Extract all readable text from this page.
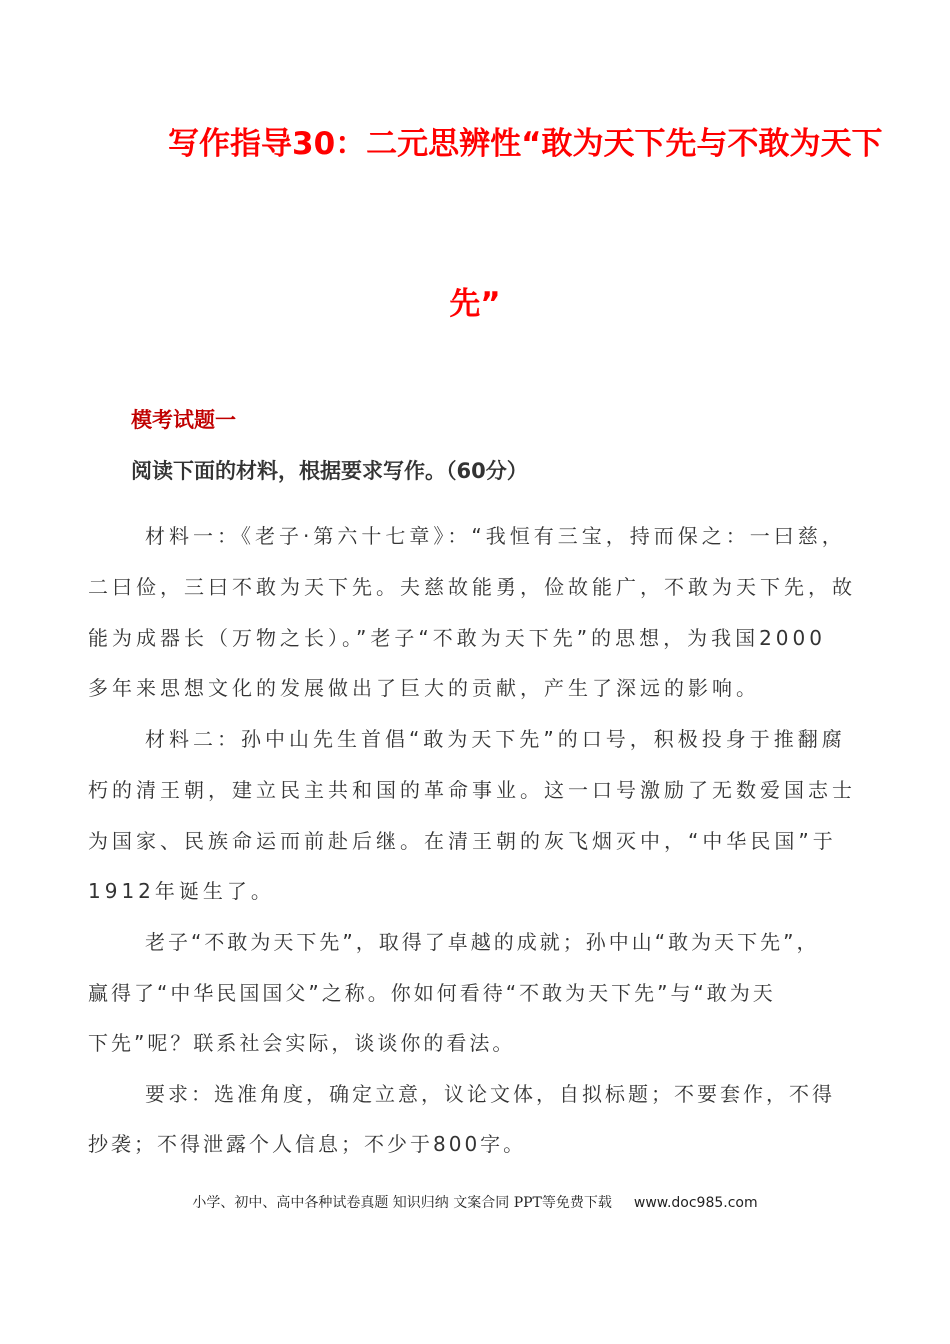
写作指导30：二元思辨性“敢为天下先与不敢为天下
先”
模考试题一
阅读下面的材料，根据要求写作。（60分）
材料一：《老子·第六十七章》：“我恒有三宝，持而保之：一曰慈，
二曰俭，三曰不敢为天下先。夫慈故能勇，俭故能广，不敢为天下先，故
能为成器长（万物之长）。”老子“不敢为天下先”的思想，为我国2000
多年来思想文化的发展做出了巨大的贡献，产生了深远的影响。
材料二：孙中山先生首倡“敢为天下先”的口号，积极投身于推翻腐
朽的清王朝，建立民主共和国的革命事业。这一口号激励了无数爱国志士
为国家、民族命运而前赴后继。在清王朝的灰飞烟灭中，“中华民国”于
1912年诞生了。
老子“不敢为天下先”，取得了卓越的成就；孙中山“敢为天下先”，
赢得了“中华民国国父”之称。你如何看待“不敢为天下先”与“敢为天
下先”呢？联系社会实际，谈谈你的看法。
要求：选准角度，确定立意，议论文体，自拟标题；不要套作，不得
抄袭；不得泄露个人信息；不少于800字。
小学、初中、高中各种试卷真题 知识归纳 文案合同 PPT等免费下载 www.doc985.com
